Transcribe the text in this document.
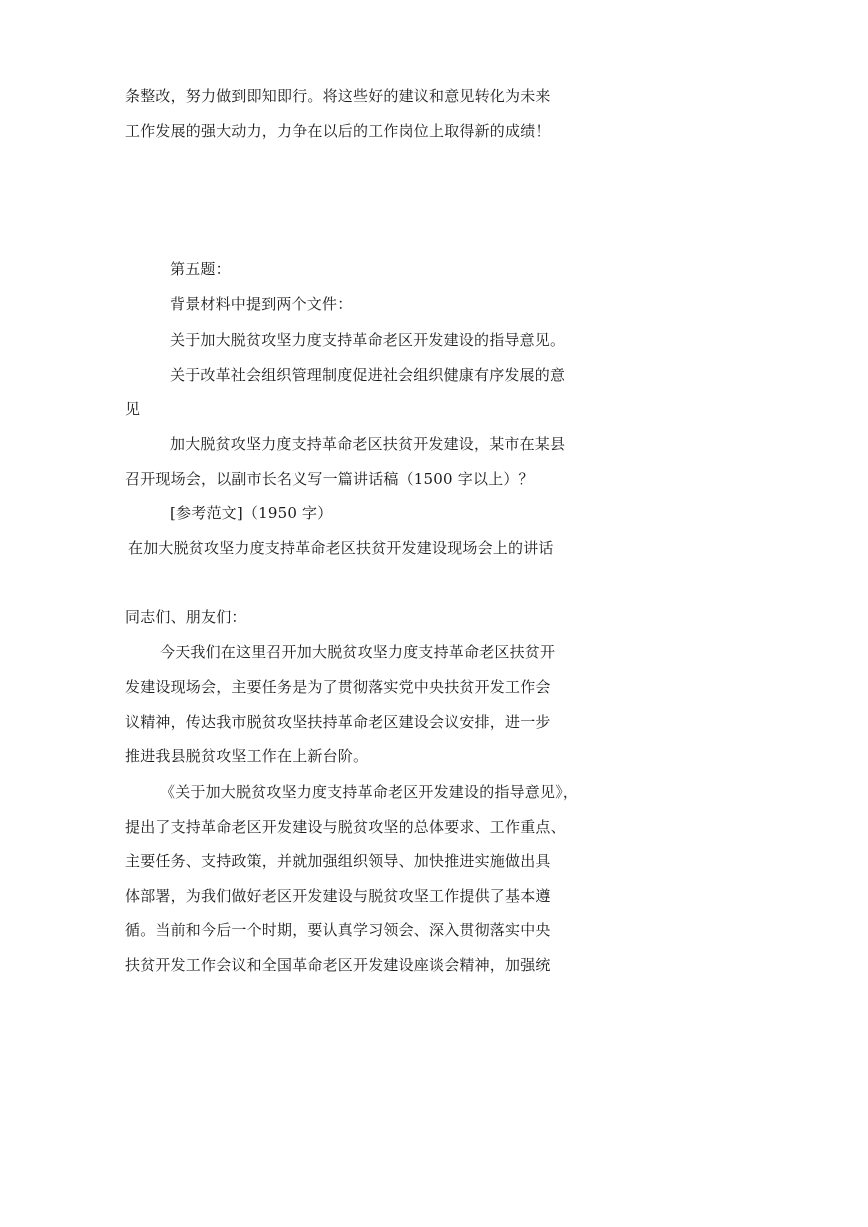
条整改，努力做到即知即行。将这些好的建议和意见转化为未来
工作发展的强大动力，力争在以后的工作岗位上取得新的成绩！
第五题：
背景材料中提到两个文件：
关于加大脱贫攻坚力度支持革命老区开发建设的指导意见。
关于改革社会组织管理制度促进社会组织健康有序发展的意
见
加大脱贫攻坚力度支持革命老区扶贫开发建设，某市在某县
召开现场会，以副市长名义写一篇讲话稿（1500 字以上）？
[参考范文]（1950 字）
在加大脱贫攻坚力度支持革命老区扶贫开发建设现场会上的讲话
同志们、朋友们：
今天我们在这里召开加大脱贫攻坚力度支持革命老区扶贫开
发建设现场会，主要任务是为了贯彻落实党中央扶贫开发工作会
议精神，传达我市脱贫攻坚扶持革命老区建设会议安排，进一步
推进我县脱贫攻坚工作在上新台阶。
《关于加大脱贫攻坚力度支持革命老区开发建设的指导意见》，
提出了支持革命老区开发建设与脱贫攻坚的总体要求、工作重点、
主要任务、支持政策，并就加强组织领导、加快推进实施做出具
体部署，为我们做好老区开发建设与脱贫攻坚工作提供了基本遵
循。当前和今后一个时期，要认真学习领会、深入贯彻落实中央
扶贫开发工作会议和全国革命老区开发建设座谈会精神，加强统
